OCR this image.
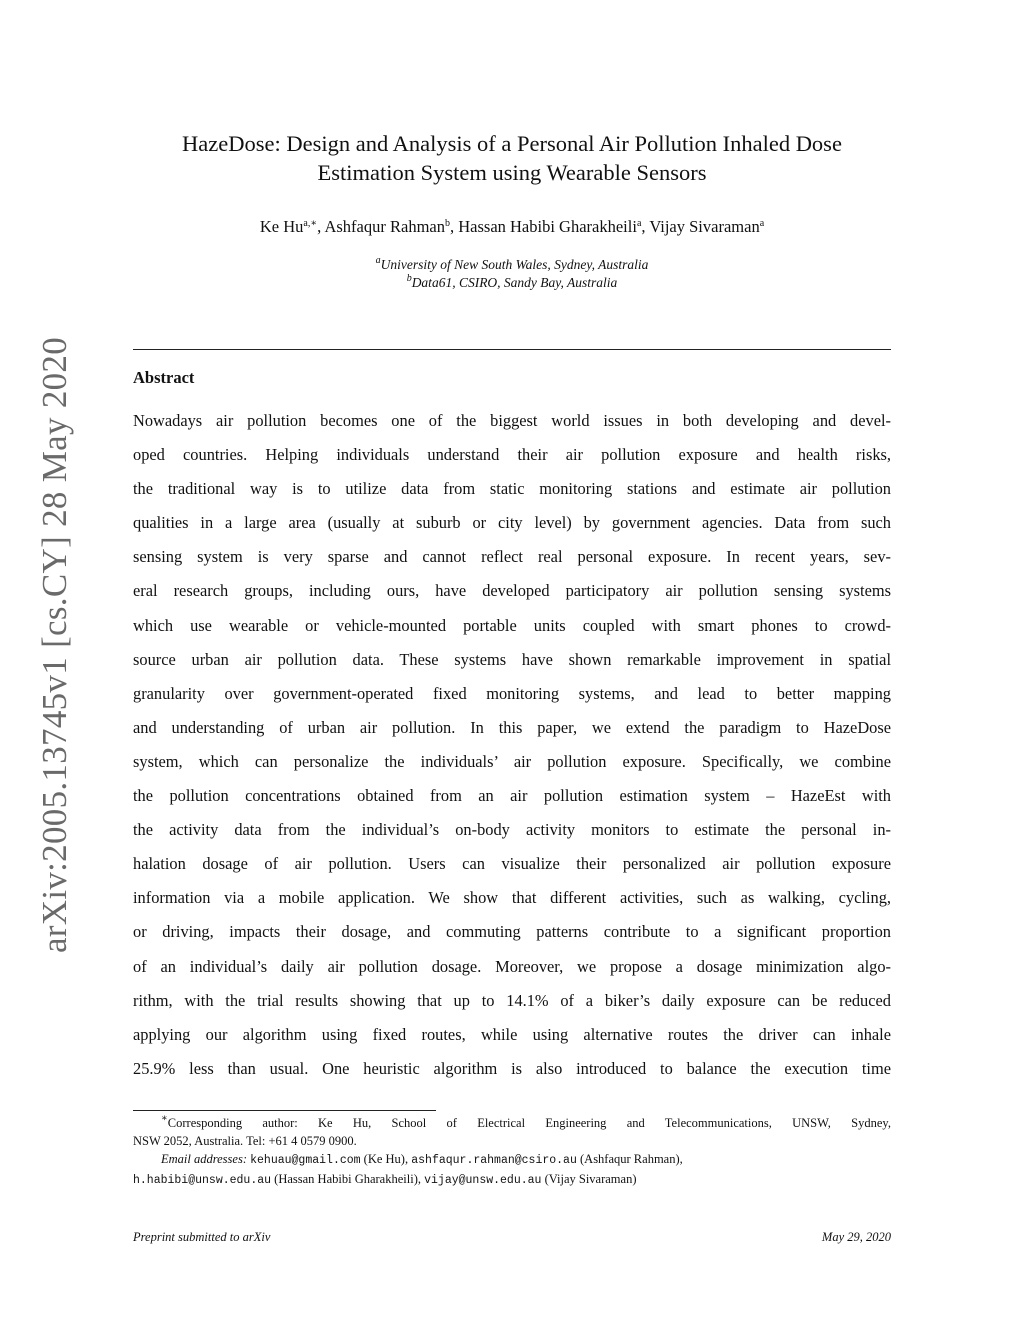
arXiv:2005.13745v1 [cs.CY] 28 May 2020
HazeDose: Design and Analysis of a Personal Air Pollution Inhaled Dose
Estimation System using Wearable Sensors
Ke $Hu^{a,∗}$, Ashfaqur Rahman$^b$, Hassan Habibi Gharakheili$^a$, Vijay Sivaraman$^a$
$^a$University of New South Wales, Sydney, Australia
$^b$Data61, CSIRO, Sandy Bay, Australia
Abstract
Nowadays air pollution becomes one of the biggest world issues in both developing and devel-
oped countries. Helping individuals understand their air pollution exposure and health risks,
the traditional way is to utilize data from static monitoring stations and estimate air pollution
qualities in a large area (usually at suburb or city level) by government agencies. Data from such
sensing system is very sparse and cannot reflect real personal exposure. In recent years, sev-
eral research groups, including ours, have developed participatory air pollution sensing systems
which use wearable or vehicle-mounted portable units coupled with smart phones to crowd-
source urban air pollution data. These systems have shown remarkable improvement in spatial
granularity over government-operated fixed monitoring systems, and lead to better mapping
and understanding of urban air pollution. In this paper, we extend the paradigm to HazeDose
system, which can personalize the individuals’ air pollution exposure. Specifically, we combine
the pollution concentrations obtained from an air pollution estimation system – HazeEst with
the activity data from the individual’s on-body activity monitors to estimate the personal in-
halation dosage of air pollution. Users can visualize their personalized air pollution exposure
information via a mobile application. We show that different activities, such as walking, cycling,
or driving, impacts their dosage, and commuting patterns contribute to a significant proportion
of an individual’s daily air pollution dosage. Moreover, we propose a dosage minimization algo-
rithm, with the trial results showing that up to 14.1% of a biker’s daily exposure can be reduced
applying our algorithm using fixed routes, while using alternative routes the driver can inhale
25.9% less than usual. One heuristic algorithm is also introduced to balance the execution time
∗Corresponding author: Ke Hu, School of Electrical Engineering and Telecommunications, UNSW, Sydney,
NSW 2052, Australia. Tel: +61 4 0579 0900.
Email addresses: kehuau@gmail.com (Ke Hu), ashfaqur.rahman@csiro.au (Ashfaqur Rahman),
h.habibi@unsw.edu.au (Hassan Habibi Gharakheili), vijay@unsw.edu.au (Vijay Sivaraman)
Preprint submitted to arXiv	May 29, 2020
